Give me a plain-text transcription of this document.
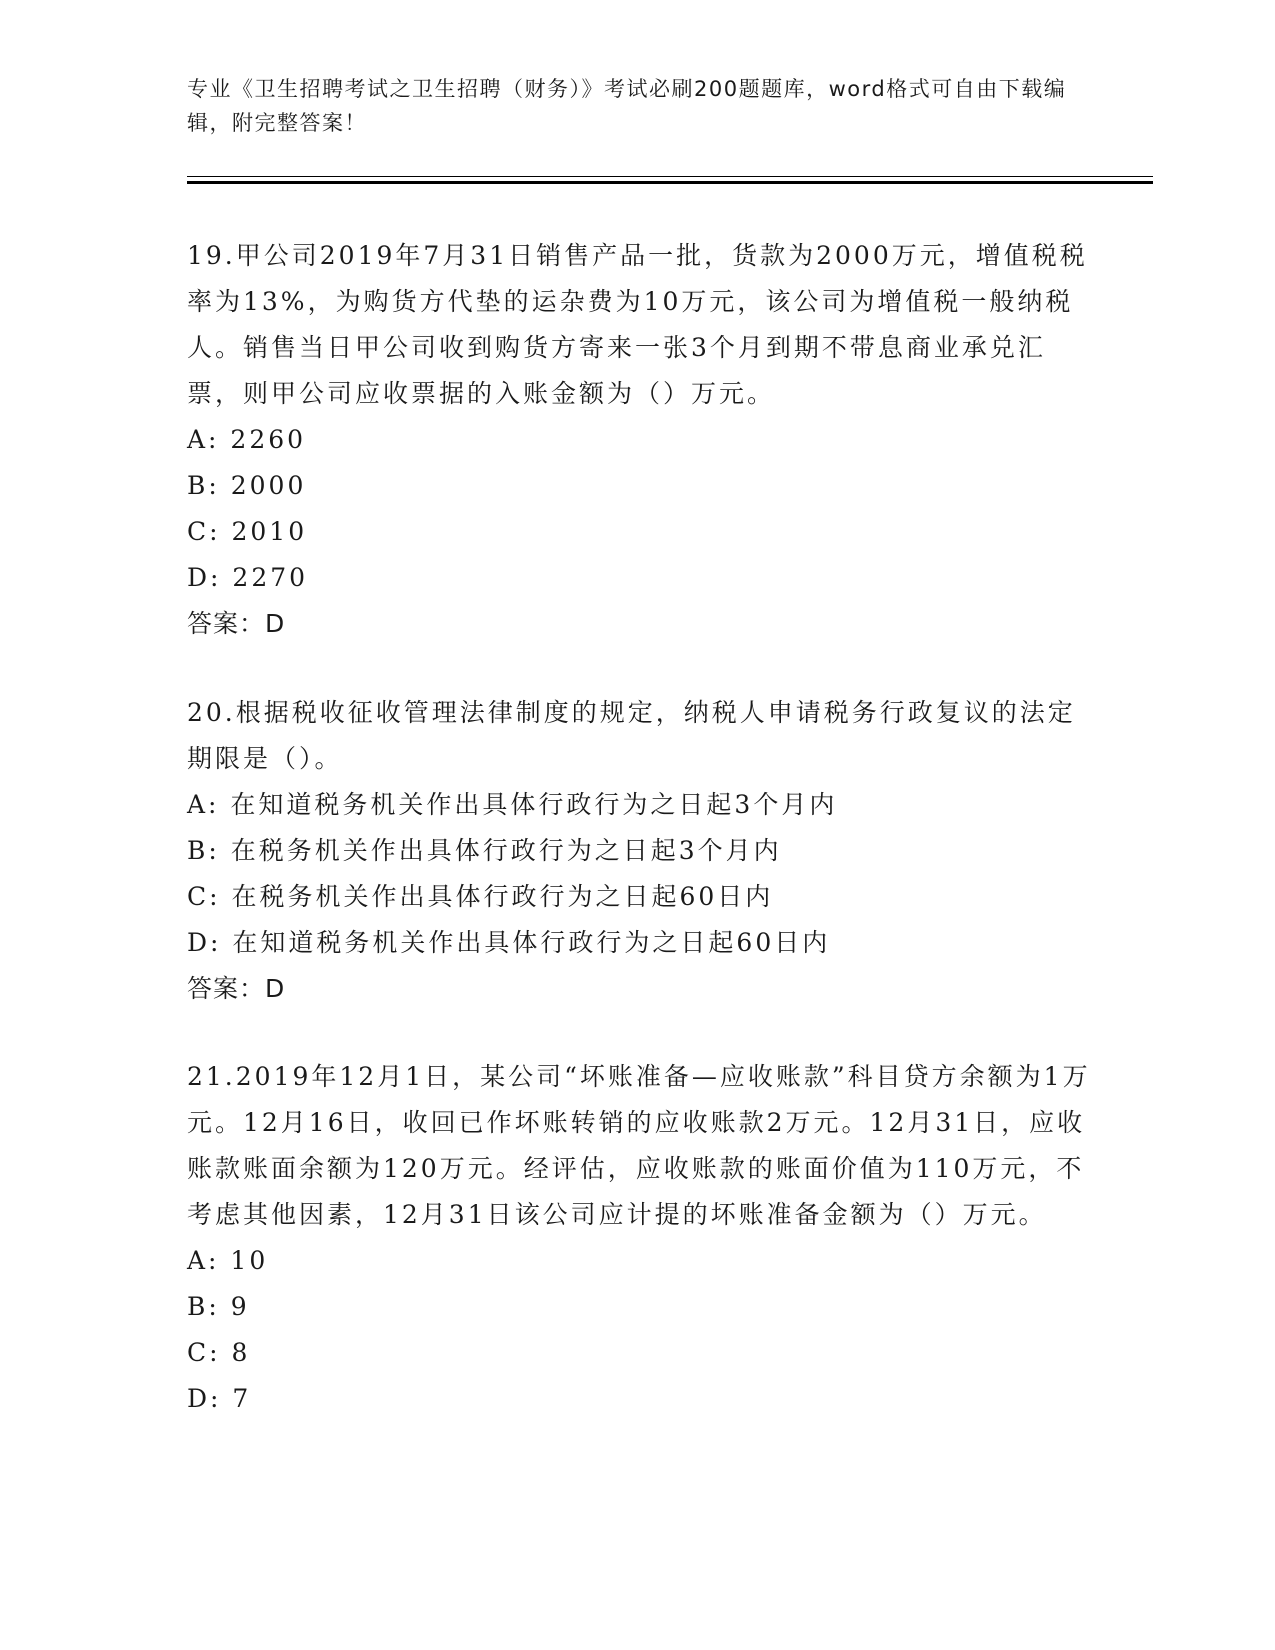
专业《卫生招聘考试之卫生招聘（财务）》考试必刷200题题库，word格式可自由下载编辑，附完整答案！

19.甲公司2019年7月31日销售产品一批，货款为2000万元，增值税税率为13%，为购货方代垫的运杂费为10万元，该公司为增值税一般纳税人。销售当日甲公司收到购货方寄来一张3个月到期不带息商业承兑汇票，则甲公司应收票据的入账金额为（）万元。

A: 2260

B: 2000

C: 2010

D: 2270

答案：D

20.根据税收征收管理法律制度的规定，纳税人申请税务行政复议的法定期限是（）。

A: 在知道税务机关作出具体行政行为之日起3个月内

B: 在税务机关作出具体行政行为之日起3个月内

C: 在税务机关作出具体行政行为之日起60日内

D: 在知道税务机关作出具体行政行为之日起60日内

答案：D

21.2019年12月1日，某公司“坏账准备—应收账款”科目贷方余额为1万元。12月16日，收回已作坏账转销的应收账款2万元。12月31日，应收账款账面余额为120万元。经评估，应收账款的账面价值为110万元，不考虑其他因素，12月31日该公司应计提的坏账准备金额为（）万元。

A: 10

B: 9

C: 8

D: 7
